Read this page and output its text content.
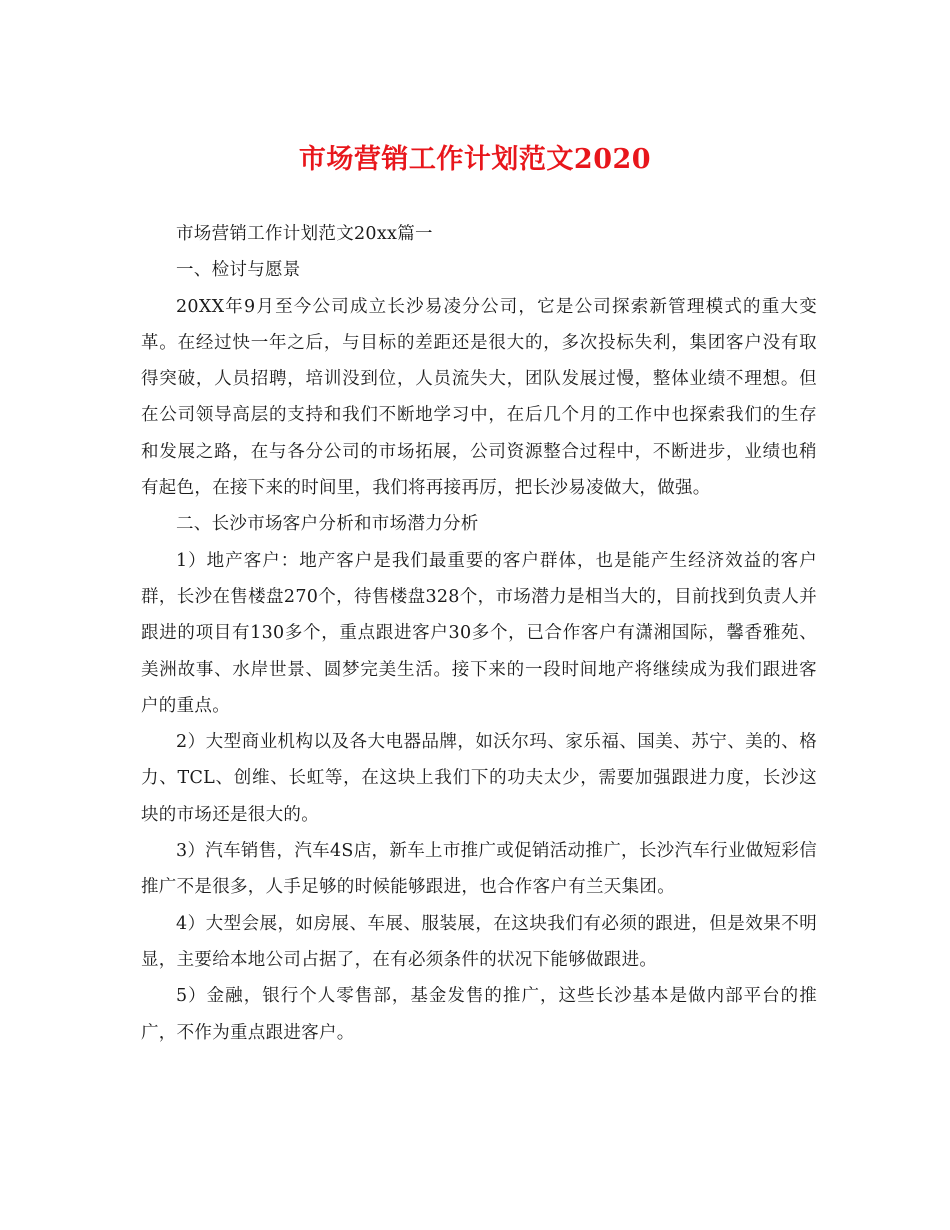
市场营销工作计划范文2020

市场营销工作计划范文20xx篇一

一、检讨与愿景

20XX年9月至今公司成立长沙易凌分公司，它是公司探索新管理模式的重大变革。在经过快一年之后，与目标的差距还是很大的，多次投标失利，集团客户没有取得突破，人员招聘，培训没到位，人员流失大，团队发展过慢，整体业绩不理想。但在公司领导高层的支持和我们不断地学习中，在后几个月的工作中也探索我们的生存和发展之路，在与各分公司的市场拓展，公司资源整合过程中，不断进步，业绩也稍有起色，在接下来的时间里，我们将再接再厉，把长沙易凌做大，做强。

二、长沙市场客户分析和市场潜力分析

1）地产客户：地产客户是我们最重要的客户群体，也是能产生经济效益的客户群，长沙在售楼盘270个，待售楼盘328个，市场潜力是相当大的，目前找到负责人并跟进的项目有130多个，重点跟进客户30多个，已合作客户有潇湘国际，馨香雅苑、美洲故事、水岸世景、圆梦完美生活。接下来的一段时间地产将继续成为我们跟进客户的重点。

2）大型商业机构以及各大电器品牌，如沃尔玛、家乐福、国美、苏宁、美的、格力、TCL、创维、长虹等，在这块上我们下的功夫太少，需要加强跟进力度，长沙这块的市场还是很大的。

3）汽车销售，汽车4S店，新车上市推广或促销活动推广，长沙汽车行业做短彩信推广不是很多，人手足够的时候能够跟进，也合作客户有兰天集团。

4）大型会展，如房展、车展、服装展，在这块我们有必须的跟进，但是效果不明显，主要给本地公司占据了，在有必须条件的状况下能够做跟进。

5）金融，银行个人零售部，基金发售的推广，这些长沙基本是做内部平台的推广，不作为重点跟进客户。
